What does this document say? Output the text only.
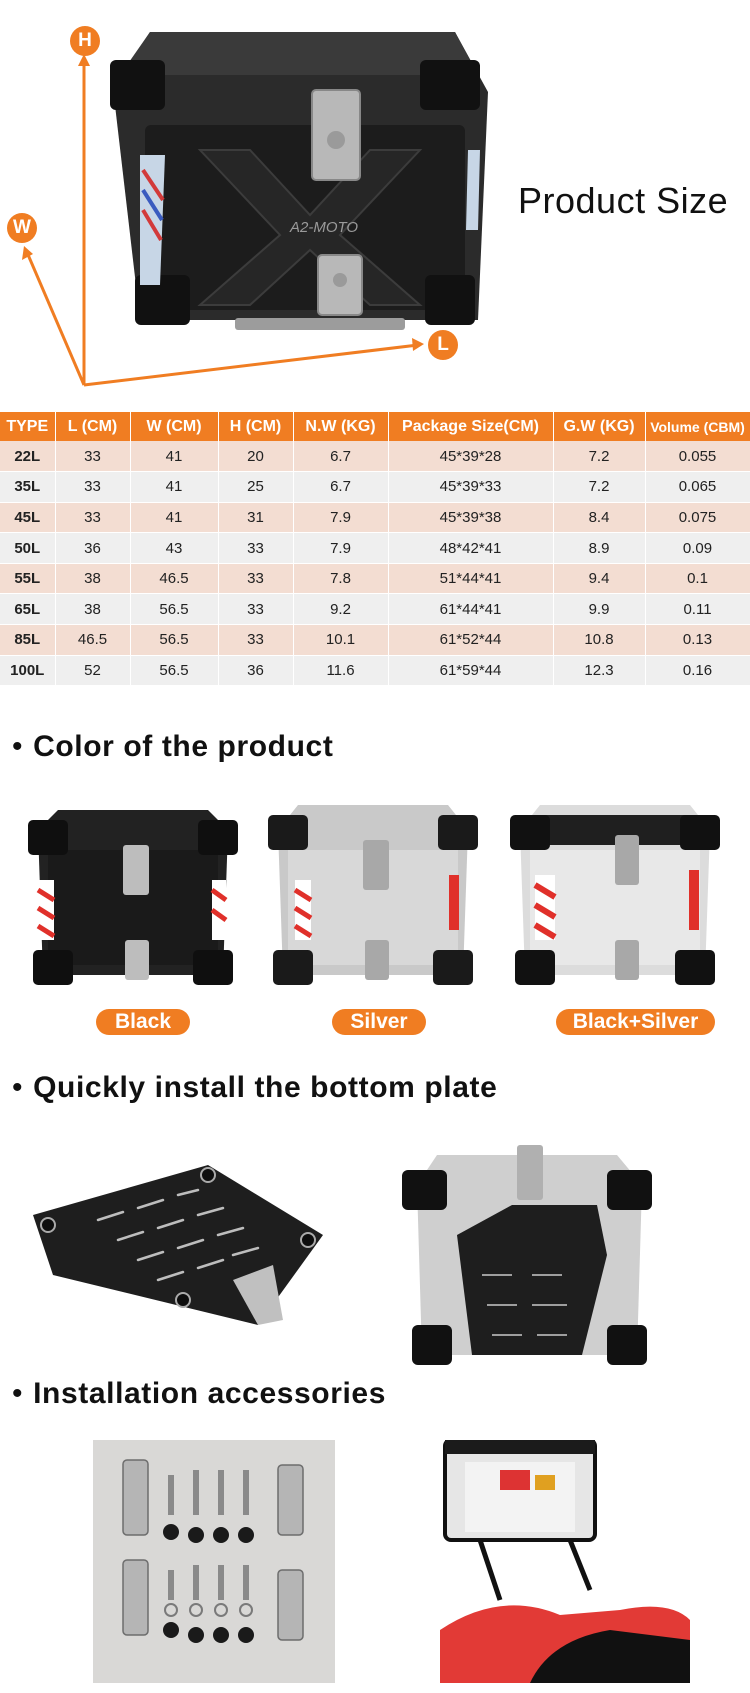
A2-MOTO
H
W
L
Product Size
TYPE	L (CM)	W (CM)	H (CM)	N.W (KG)	Package Size(CM)	G.W (KG)	Volume (CBM)
22L	33	41	20	6.7	45*39*28	7.2	0.055
35L	33	41	25	6.7	45*39*33	7.2	0.065
45L	33	41	31	7.9	45*39*38	8.4	0.075
50L	36	43	33	7.9	48*42*41	8.9	0.09
55L	38	46.5	33	7.8	51*44*41	9.4	0.1
65L	38	56.5	33	9.2	61*44*41	9.9	0.11
85L	46.5	56.5	33	10.1	61*52*44	10.8	0.13
100L	52	56.5	36	11.6	61*59*44	12.3	0.16
• Color of the product
Black	Silver	Black+Silver
• Quickly install the bottom plate
• Installation accessories
